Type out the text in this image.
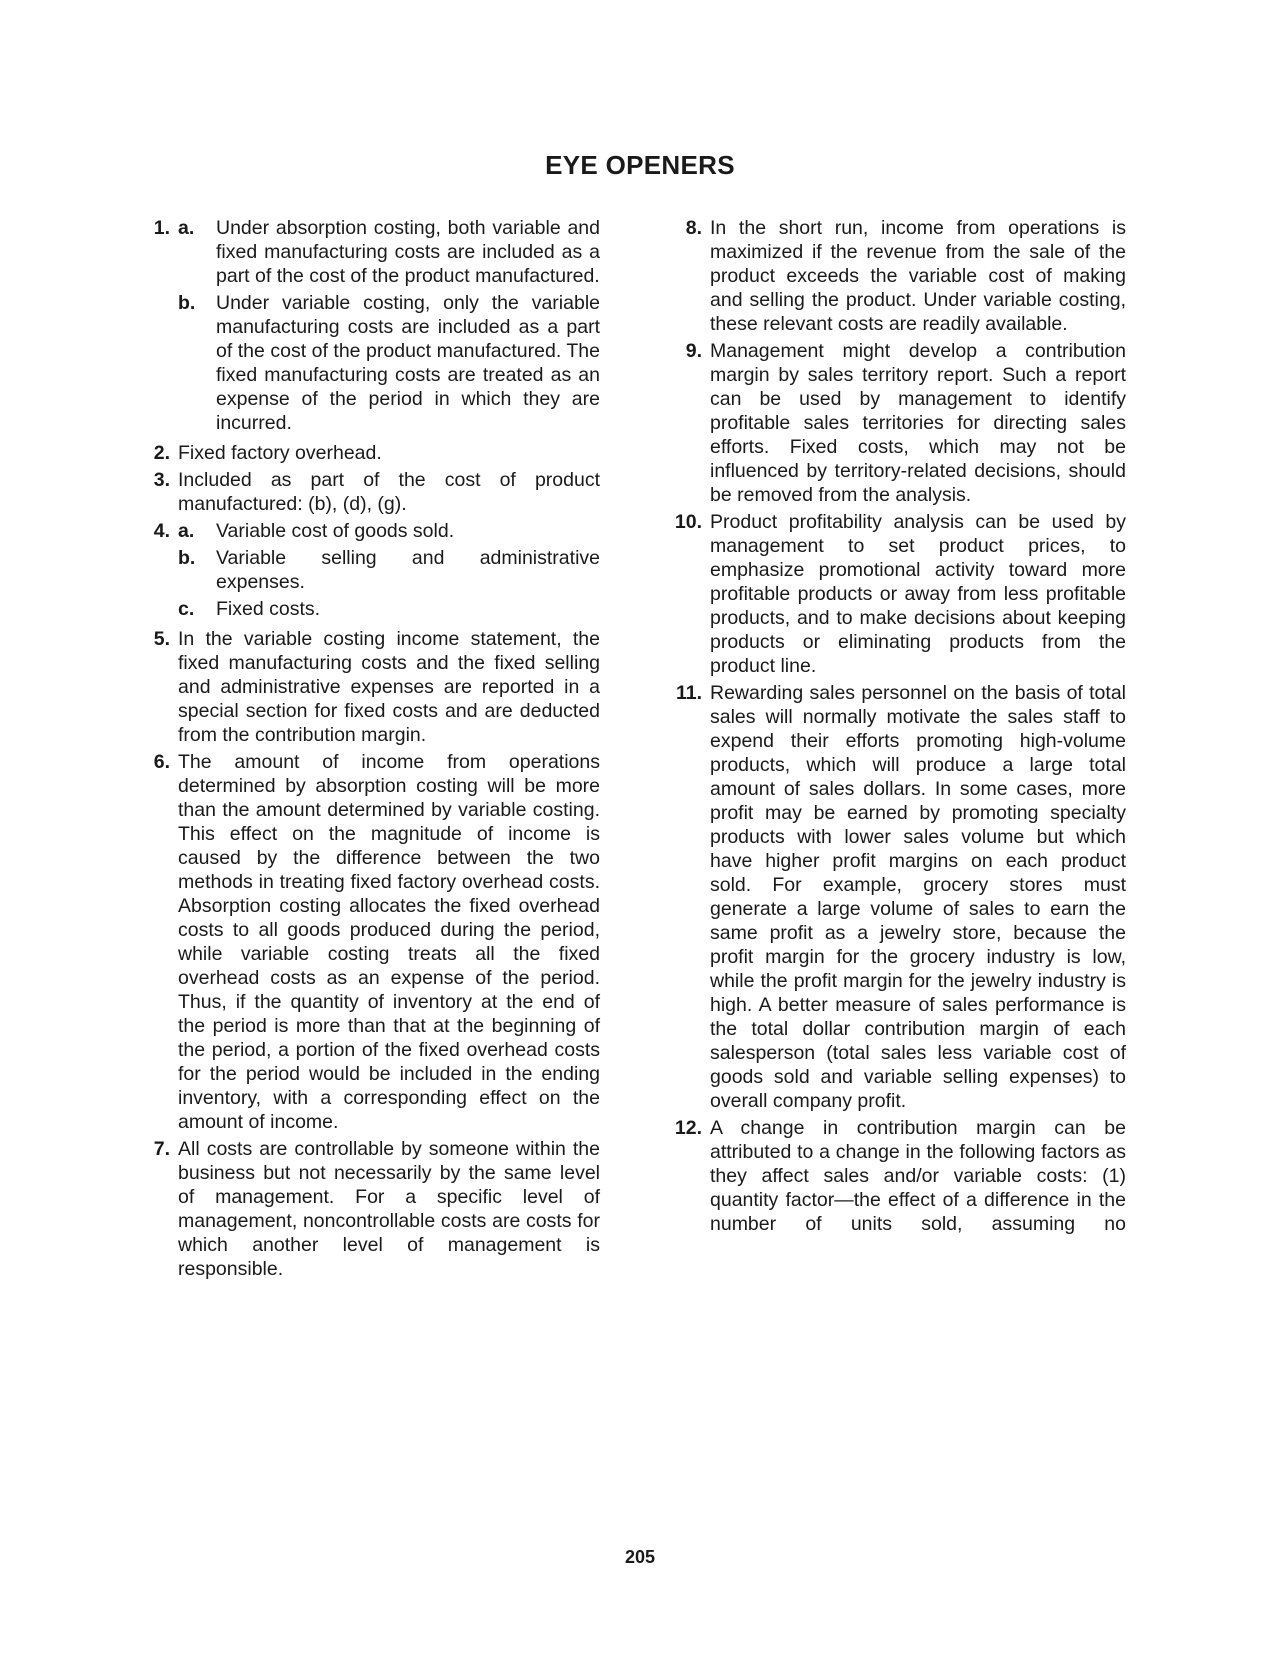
EYE OPENERS
1. a.	Under absorption costing, both variable and fixed manufacturing costs are included as a part of the cost of the product manufactured.
b.	Under variable costing, only the variable manufacturing costs are included as a part of the cost of the product manufactured. The fixed manufacturing costs are treated as an expense of the period in which they are incurred.
2. Fixed factory overhead.
3. Included as part of the cost of product manufactured: (b), (d), (g).
4. a.	Variable cost of goods sold.
b.	Variable selling and administrative expenses.
c.	Fixed costs.
5. In the variable costing income statement, the fixed manufacturing costs and the fixed selling and administrative expenses are reported in a special section for fixed costs and are deducted from the contribution margin.
6. The amount of income from operations determined by absorption costing will be more than the amount determined by variable costing. This effect on the magnitude of income is caused by the difference between the two methods in treating fixed factory overhead costs. Absorption costing allocates the fixed overhead costs to all goods produced during the period, while variable costing treats all the fixed overhead costs as an expense of the period. Thus, if the quantity of inventory at the end of the period is more than that at the beginning of the period, a portion of the fixed overhead costs for the period would be included in the ending inventory, with a corresponding effect on the amount of income.
7. All costs are controllable by someone within the business but not necessarily by the same level of management. For a specific level of management, noncontrollable costs are costs for which another level of management is responsible.
8. In the short run, income from operations is maximized if the revenue from the sale of the product exceeds the variable cost of making and selling the product. Under variable costing, these relevant costs are readily available.
9. Management might develop a contribution margin by sales territory report. Such a report can be used by management to identify profitable sales territories for directing sales efforts. Fixed costs, which may not be influenced by territory-related decisions, should be removed from the analysis.
10. Product profitability analysis can be used by management to set product prices, to emphasize promotional activity toward more profitable products or away from less profitable products, and to make decisions about keeping products or eliminating products from the product line.
11. Rewarding sales personnel on the basis of total sales will normally motivate the sales staff to expend their efforts promoting high-volume products, which will produce a large total amount of sales dollars. In some cases, more profit may be earned by promoting specialty products with lower sales volume but which have higher profit margins on each product sold. For example, grocery stores must generate a large volume of sales to earn the same profit as a jewelry store, because the profit margin for the grocery industry is low, while the profit margin for the jewelry industry is high. A better measure of sales performance is the total dollar contribution margin of each salesperson (total sales less variable cost of goods sold and variable selling expenses) to overall company profit.
12. A change in contribution margin can be attributed to a change in the following factors as they affect sales and/or variable costs: (1) quantity factor—the effect of a difference in the number of units sold, assuming no
205
